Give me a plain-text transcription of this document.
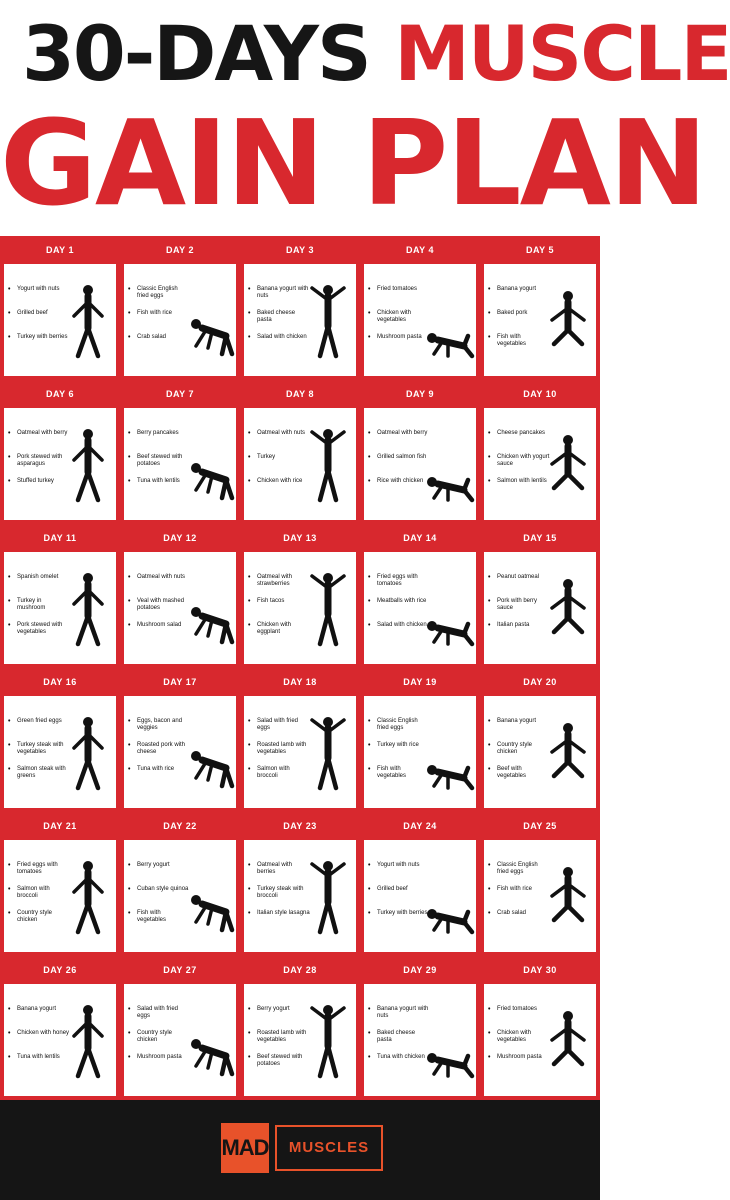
30-DAYS MUSCLE
GAIN PLAN
DAY 1
• Yogurt with nuts
• Grilled beef
• Turkey with berries
DAY 2
• Classic English fried eggs
• Fish with rice
• Crab salad
DAY 3
• Banana yogurt with nuts
• Baked cheese pasta
• Salad with chicken
DAY 4
• Fried tomatoes
• Chicken with vegetables
• Mushroom pasta
DAY 5
• Banana yogurt
• Baked pork
• Fish with vegetables
DAY 6
• Oatmeal with berry
• Pork stewed with asparagus
• Stuffed turkey
DAY 7
• Berry pancakes
• Beef stewed with potatoes
• Tuna with lentils
DAY 8
• Oatmeal with nuts
• Turkey
• Chicken with rice
DAY 9
• Oatmeal with berry
• Grilled salmon fish
• Rice with chicken
DAY 10
• Cheese pancakes
• Chicken with yogurt sauce
• Salmon with lentils
DAY 11
• Spanish omelet
• Turkey in mushroom
• Pork stewed with vegetables
DAY 12
• Oatmeal with nuts
• Veal with mashed potatoes
• Mushroom salad
DAY 13
• Oatmeal with strawberries
• Fish tacos
• Chicken with eggplant
DAY 14
• Fried eggs with tomatoes
• Meatballs with rice
• Salad with chicken
DAY 15
• Peanut oatmeal
• Pork with berry sauce
• Italian pasta
DAY 16
• Green fried eggs
• Turkey steak with vegetables
• Salmon steak with greens
DAY 17
• Eggs, bacon and veggies
• Roasted pork with cheese
• Tuna with rice
DAY 18
• Salad with fried eggs
• Roasted lamb with vegetables
• Salmon with broccoli
DAY 19
• Classic English fried eggs
• Turkey with rice
• Fish with vegetables
DAY 20
• Banana yogurt
• Country style chicken
• Beef with vegetables
DAY 21
• Fried eggs with tomatoes
• Salmon with broccoli
• Country style chicken
DAY 22
• Berry yogurt
• Cuban style quinoa
• Fish with vegetables
DAY 23
• Oatmeal with berries
• Turkey steak with broccoli
• Italian style lasagna
DAY 24
• Yogurt with nuts
• Grilled beef
• Turkey with berries
DAY 25
• Classic English fried eggs
• Fish with rice
• Crab salad
DAY 26
• Banana yogurt
• Chicken with honey
• Tuna with lentils
DAY 27
• Salad with fried eggs
• Country style chicken
• Mushroom pasta
DAY 28
• Berry yogurt
• Roasted lamb with vegetables
• Beef stewed with potatoes
DAY 29
• Banana yogurt with nuts
• Baked cheese pasta
• Tuna with chicken
DAY 30
• Fried tomatoes
• Chicken with vegetables
• Mushroom pasta
MAD	MUSCLES
